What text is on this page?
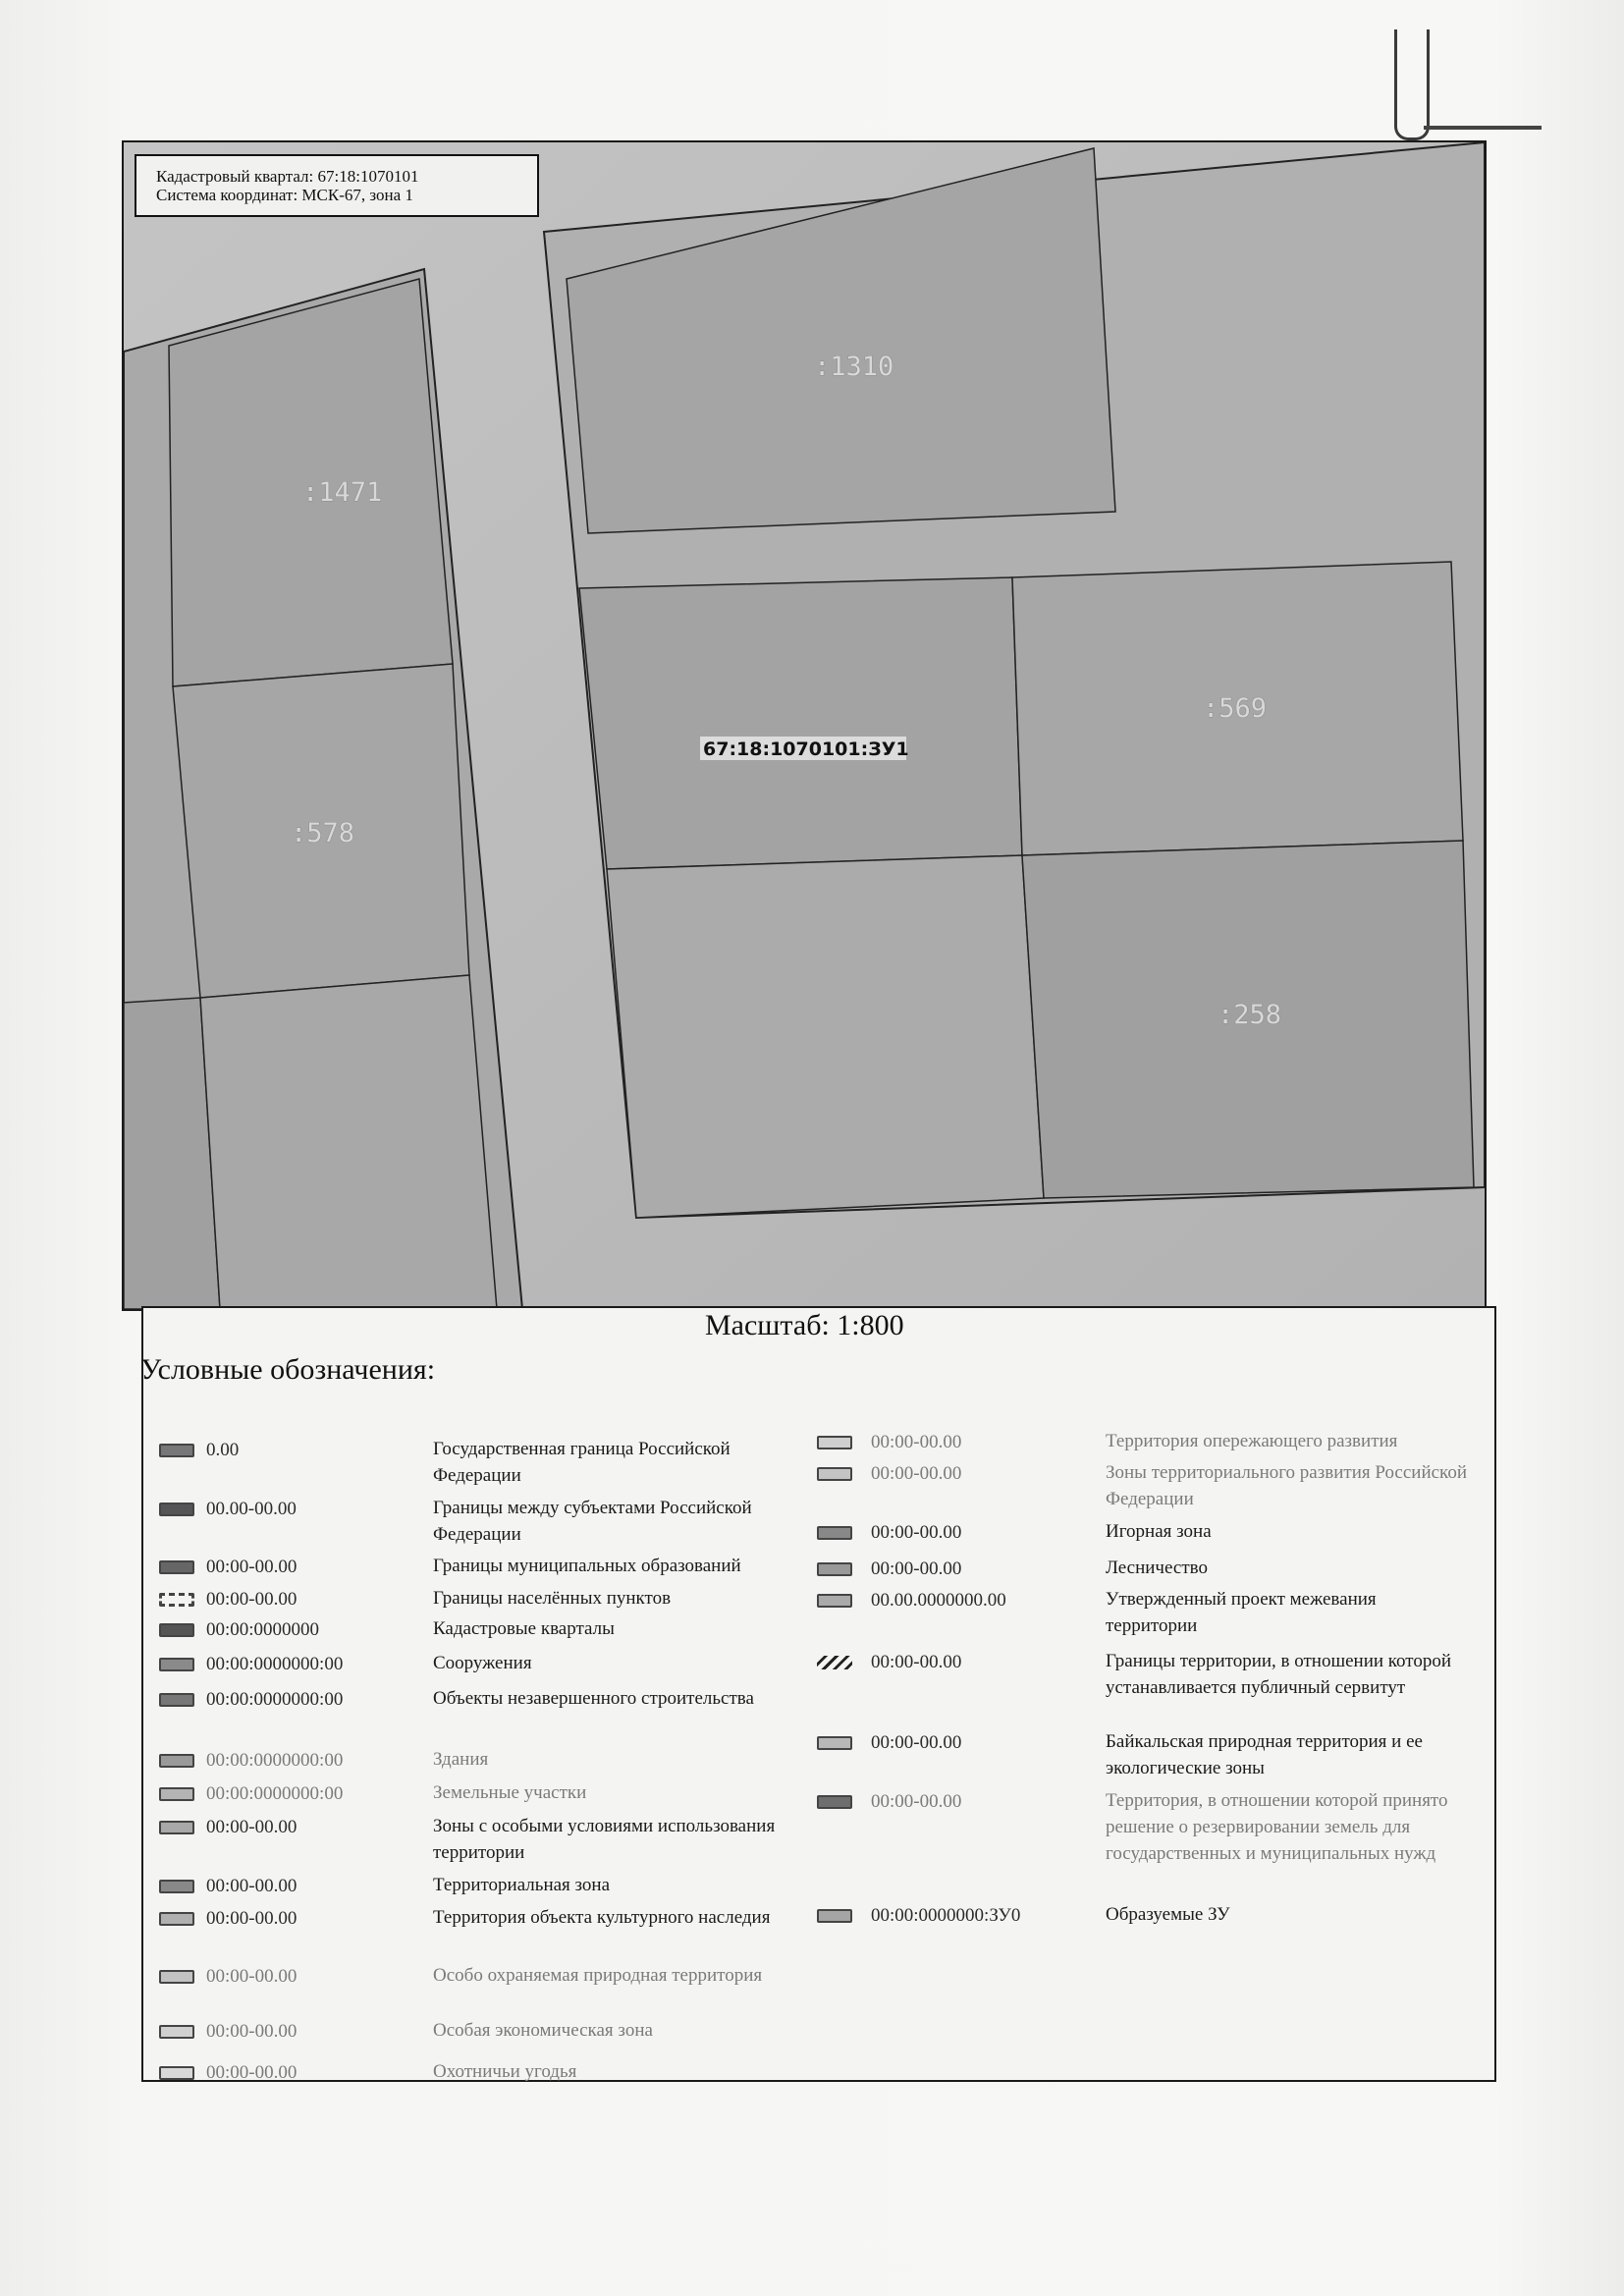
:1471
:578
:1310
67:18:1070101:ЗУ1
:569
:258
Кадастровый квартал: 67:18:1070101
Система координат: МСК-67, зона 1
Масштаб: 1:800
Условные обозначения:
0.00	Государственная граница Российской Федерации
00.00-00.00	Границы между субъектами Российской Федерации
00:00-00.00	Границы муниципальных образований
00:00-00.00	Границы населённых пунктов
00:00:0000000	Кадастровые кварталы
00:00:0000000:00	Сооружения
00:00:0000000:00	Объекты незавершенного строительства
00:00:0000000:00	Здания
00:00:0000000:00	Земельные участки
00:00-00.00	Зоны с особыми условиями использования территории
00:00-00.00	Территориальная зона
00:00-00.00	Территория объекта культурного наследия
00:00-00.00	Особо охраняемая природная территория
00:00-00.00	Особая экономическая зона
00:00-00.00	Охотничьи угодья
00:00-00.00	Территория опережающего развития
00:00-00.00	Зоны территориального развития Российской Федерации
00:00-00.00	Игорная зона
00:00-00.00	Лесничество
00.00.0000000.00	Утвержденный проект межевания территории
00:00-00.00	Границы территории, в отношении которой устанавливается публичный сервитут
00:00-00.00	Байкальская природная территория и ее экологические зоны
00:00-00.00	Территория, в отношении которой принято решение о резервировании земель для государственных и муниципальных нужд
00:00:0000000:ЗУ0	Образуемые ЗУ
